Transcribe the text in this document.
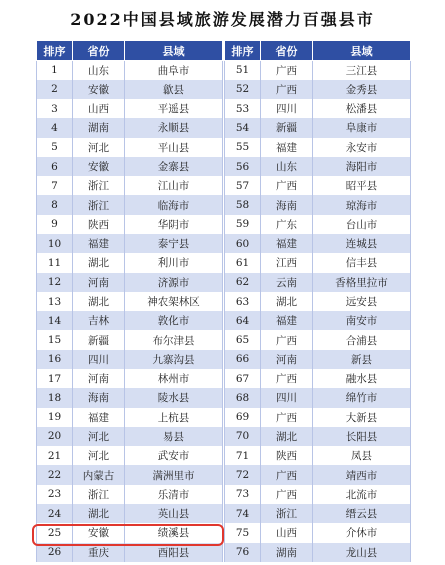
2022中国县域旅游发展潜力百强县市
排序	省份	县域
1	山东	曲阜市
2	安徽	歙县
3	山西	平遥县
4	湖南	永顺县
5	河北	平山县
6	安徽	金寨县
7	浙江	江山市
8	浙江	临海市
9	陕西	华阴市
10	福建	泰宁县
11	湖北	利川市
12	河南	济源市
13	湖北	神农架林区
14	吉林	敦化市
15	新疆	布尔津县
16	四川	九寨沟县
17	河南	林州市
18	海南	陵水县
19	福建	上杭县
20	河北	易县
21	河北	武安市
22	内蒙古	满洲里市
23	浙江	乐清市
24	湖北	英山县
25	安徽	绩溪县
26	重庆	酉阳县
排序	省份	县域
51	广西	三江县
52	广西	金秀县
53	四川	松潘县
54	新疆	阜康市
55	福建	永安市
56	山东	海阳市
57	广西	昭平县
58	海南	琼海市
59	广东	台山市
60	福建	连城县
61	江西	信丰县
62	云南	香格里拉市
63	湖北	远安县
64	福建	南安市
65	广西	合浦县
66	河南	新县
67	广西	融水县
68	四川	绵竹市
69	广西	大新县
70	湖北	长阳县
71	陕西	凤县
72	广西	靖西市
73	广西	北流市
74	浙江	缙云县
75	山西	介休市
76	湖南	龙山县
